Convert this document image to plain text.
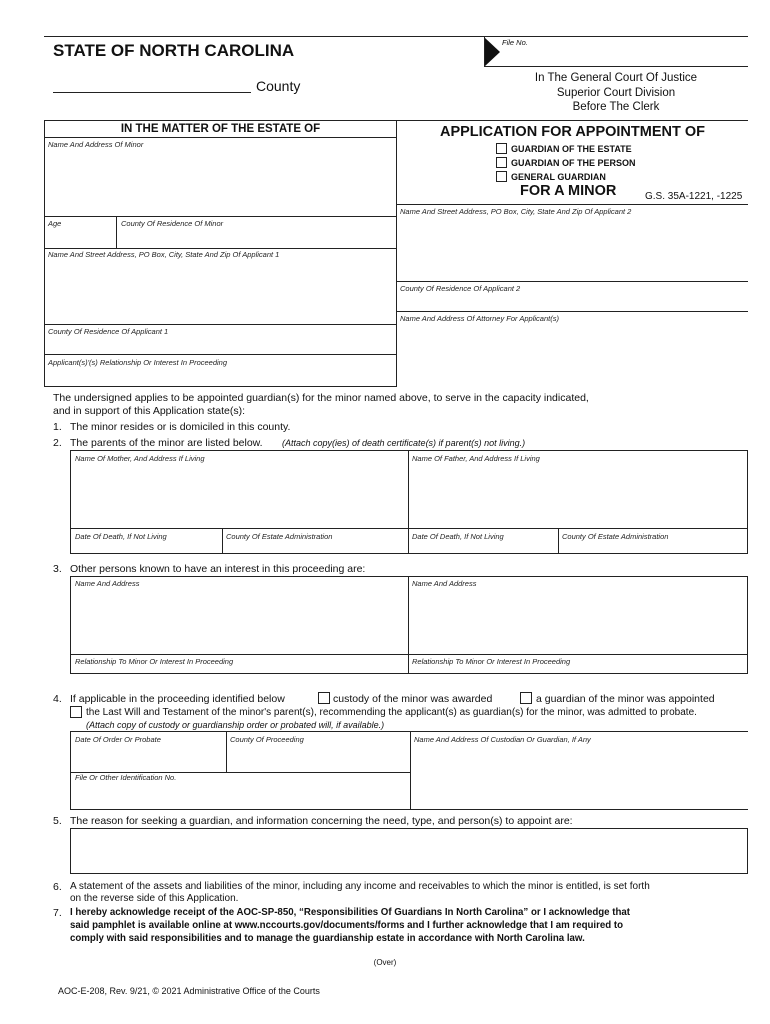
STATE OF NORTH CAROLINA
County
File No.
In The General Court Of Justice
Superior Court Division
Before The Clerk
IN THE MATTER OF THE ESTATE OF
Name And Address Of Minor
Age	County Of Residence Of Minor
Name And Street Address, PO Box, City, State And Zip Of Applicant 1
County Of Residence Of Applicant 1
Applicant(s)'(s) Relationship Or Interest In Proceeding
APPLICATION FOR APPOINTMENT OF
GUARDIAN OF THE ESTATE
GUARDIAN OF THE PERSON
GENERAL GUARDIAN
FOR A MINOR	G.S. 35A-1221, -1225
Name And Street Address, PO Box, City, State And Zip Of Applicant 2
County Of Residence Of Applicant 2
Name And Address Of Attorney For Applicant(s)
The undersigned applies to be appointed guardian(s) for the minor named above, to serve in the capacity indicated,
and in support of this Application state(s):
1. The minor resides or is domiciled in this county.
2. The parents of the minor are listed below. (Attach copy(ies) of death certificate(s) if parent(s) not living.)
Name Of Mother, And Address If Living	Name Of Father, And Address If Living
Date Of Death, If Not Living	County Of Estate Administration	Date Of Death, If Not Living	County Of Estate Administration
3. Other persons known to have an interest in this proceeding are:
Name And Address	Name And Address
Relationship To Minor Or Interest In Proceeding	Relationship To Minor Or Interest In Proceeding
4. If applicable in the proceeding identified below	custody of the minor was awarded	a guardian of the minor was appointed
the Last Will and Testament of the minor's parent(s), recommending the applicant(s) as guardian(s) for the minor, was admitted to probate.
(Attach copy of custody or guardianship order or probated will, if available.)
Date Of Order Or Probate	County Of Proceeding	Name And Address Of Custodian Or Guardian, If Any
File Or Other Identification No.
5. The reason for seeking a guardian, and information concerning the need, type, and person(s) to appoint are:
6. A statement of the assets and liabilities of the minor, including any income and receivables to which the minor is entitled, is set forth
on the reverse side of this Application.
7. I hereby acknowledge receipt of the AOC-SP-850, “Responsibilities Of Guardians In North Carolina” or I acknowledge that
said pamphlet is available online at www.nccourts.gov/documents/forms and I further acknowledge that I am required to
comply with said responsibilities and to manage the guardianship estate in accordance with North Carolina law.
(Over)
AOC-E-208, Rev. 9/21, © 2021 Administrative Office of the Courts
